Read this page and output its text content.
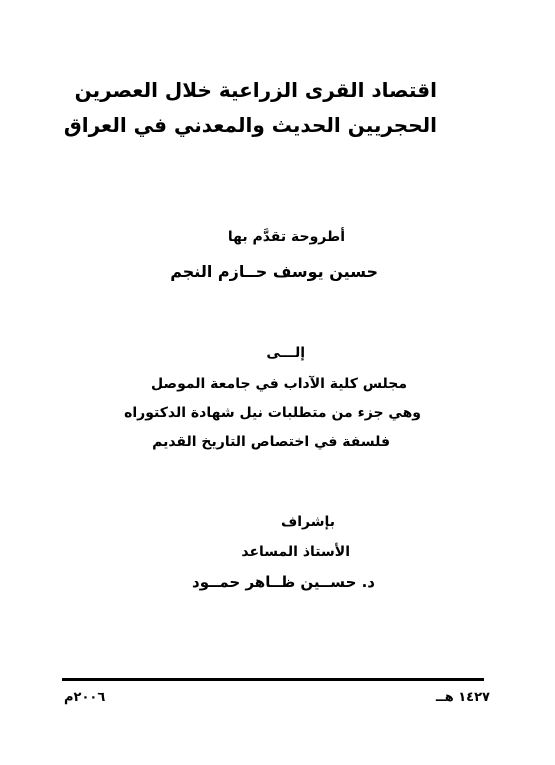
اقتصاد القرى الزراعية خلال العصرين
الحجريين الحديث والمعدني في العراق
أطروحة تقدَّم بها
حسين يوسف حــازم النجم
إلـــى
مجلس كلية الآداب في جامعة الموصل
وهي جزء من متطلبات نيل شهادة الدكتوراه
فلسفة في اختصاص التاريخ القديم
بإشراف
الأستاذ المساعد
د. حســين ظــاهر حمــود
١٤٢٧ هــ
٢٠٠٦م
